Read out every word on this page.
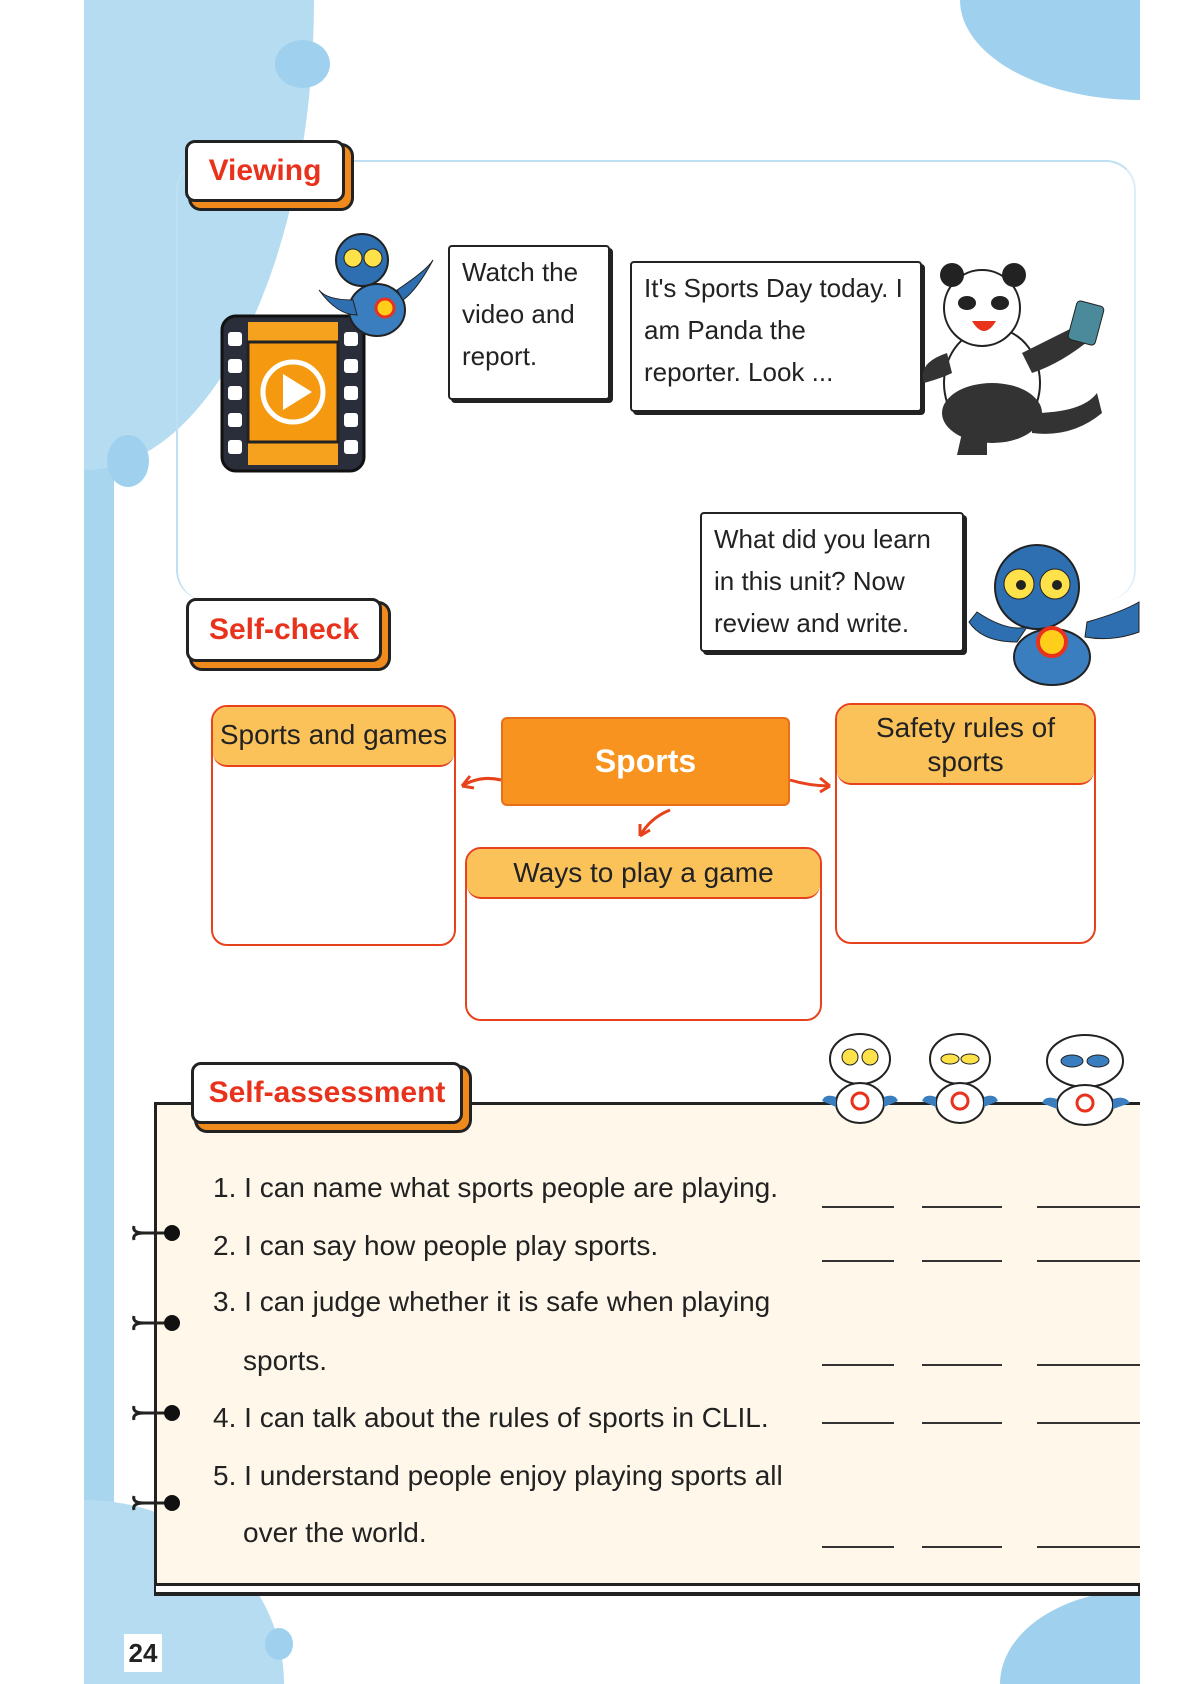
Viewing
Watch the video and report.
It's Sports Day today. I am Panda the reporter. Look ...
What did you learn in this unit? Now review and write.
Self-check
Sports and games
Sports
Safety rules of sports
Ways to play a game
Self-assessment
1. I can name what sports people are playing.
2. I can say how people play sports.
3. I can judge whether it is safe when playing
sports.
4. I can talk about the rules of sports in CLIL.
5. I understand people enjoy playing sports all
over the world.
24
